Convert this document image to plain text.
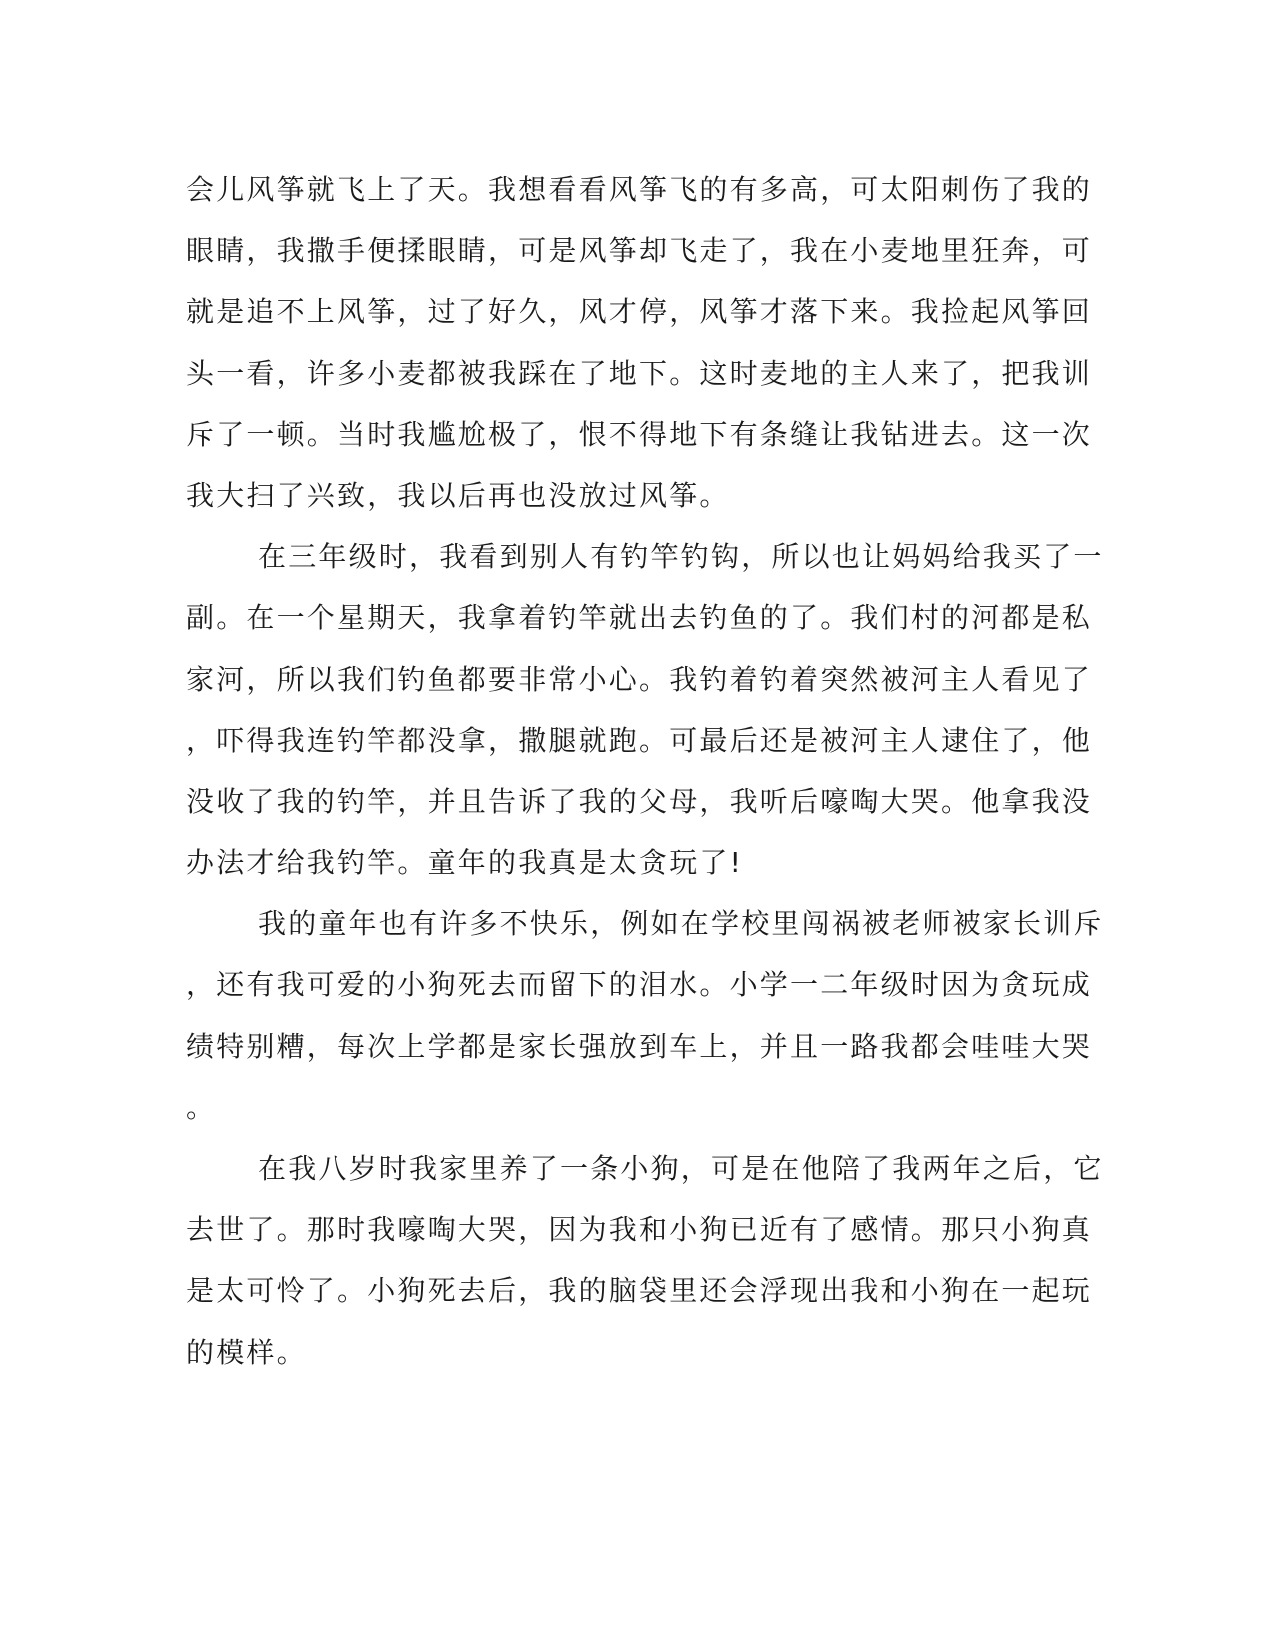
会儿风筝就飞上了天。我想看看风筝飞的有多高，可太阳刺伤了我的
眼睛，我撒手便揉眼睛，可是风筝却飞走了，我在小麦地里狂奔，可
就是追不上风筝，过了好久，风才停，风筝才落下来。我捡起风筝回
头一看，许多小麦都被我踩在了地下。这时麦地的主人来了，把我训
斥了一顿。当时我尴尬极了，恨不得地下有条缝让我钻进去。这一次
我大扫了兴致，我以后再也没放过风筝。
在三年级时，我看到别人有钓竿钓钩，所以也让妈妈给我买了一
副。在一个星期天，我拿着钓竿就出去钓鱼的了。我们村的河都是私
家河，所以我们钓鱼都要非常小心。我钓着钓着突然被河主人看见了
，吓得我连钓竿都没拿，撒腿就跑。可最后还是被河主人逮住了，他
没收了我的钓竿，并且告诉了我的父母，我听后嚎啕大哭。他拿我没
办法才给我钓竿。童年的我真是太贪玩了!
我的童年也有许多不快乐，例如在学校里闯祸被老师被家长训斥
，还有我可爱的小狗死去而留下的泪水。小学一二年级时因为贪玩成
绩特别糟，每次上学都是家长强放到车上，并且一路我都会哇哇大哭
。
在我八岁时我家里养了一条小狗，可是在他陪了我两年之后，它
去世了。那时我嚎啕大哭，因为我和小狗已近有了感情。那只小狗真
是太可怜了。小狗死去后，我的脑袋里还会浮现出我和小狗在一起玩
的模样。
